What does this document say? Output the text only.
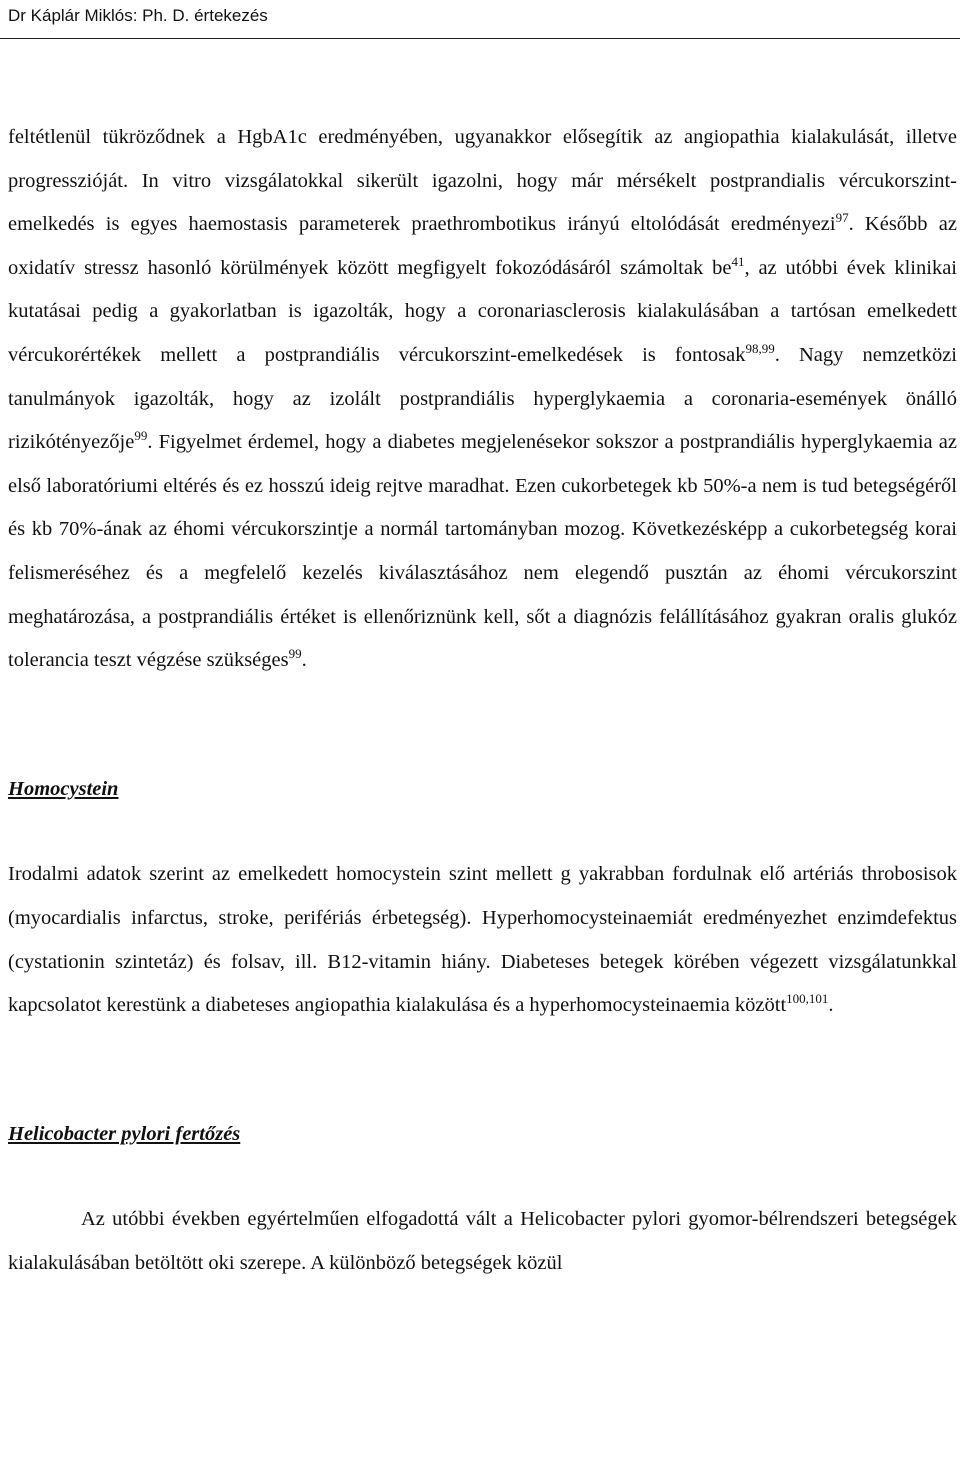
Dr Káplár Miklós: Ph. D. értekezés

feltétlenül tükröződnek a HgbA1c eredményében, ugyanakkor elősegítik az angiopathia kialakulását, illetve progresszióját. In vitro vizsgálatokkal sikerült igazolni, hogy már mérsékelt postprandialis vércukorszint-emelkedés is egyes haemostasis parameterek praethrombotikus irányú eltolódását eredményezi$^{97}$. Később az oxidatív stressz hasonló körülmények között megfigyelt fokozódásáról számoltak $be^{41}$, az utóbbi évek klinikai kutatásai pedig a gyakorlatban is igazolták, hogy a coronariasclerosis kialakulásában a tartósan emelkedett vércukorértékek mellett a postprandiális vércukorszint-emelkedések is fontosak$^{98,99}$. Nagy nemzetközi tanulmányok igazolták, hogy az izolált postprandiális hyperglykaemia a coronaria-események önálló rizikótényezője$^{99}$. Figyelmet érdemel, hogy a diabetes megjelenésekor sokszor a postprandiális hyperglykaemia az első laboratóriumi eltérés és ez hosszú ideig rejtve maradhat. Ezen cukorbetegek kb 50%-a nem is tud betegségéről és kb 70%-ának az éhomi vércukorszintje a normál tartományban mozog. Következésképp a cukorbetegség korai felismeréséhez és a megfelelő kezelés kiválasztásához nem elegendő pusztán az éhomi vércukorszint meghatározása, a postprandiális értéket is ellenőriznünk kell, sőt a diagnózis felállításához gyakran oralis glukóz tolerancia teszt végzése szükséges$^{99}$.

Homocystein

Irodalmi adatok szerint az emelkedett homocystein szint mellett g yakrabban fordulnak elő artériás throbosisok (myocardialis infarctus, stroke, perifériás érbetegség). Hyperhomocysteinaemiát eredményezhet enzimdefektus (cystationin szintetáz) és folsav, ill. B12-vitamin hiány. Diabeteses betegek körében végezett vizsgálatunkkal kapcsolatot kerestünk a diabeteses angiopathia kialakulása és a hyperhomocysteinaemia között$^{100,101}$.

Helicobacter pylori fertőzés

Az utóbbi években egyértelműen elfogadottá vált a Helicobacter pylori gyomor-bélrendszeri betegségek kialakulásában betöltött oki szerepe. A különböző betegségek közül
